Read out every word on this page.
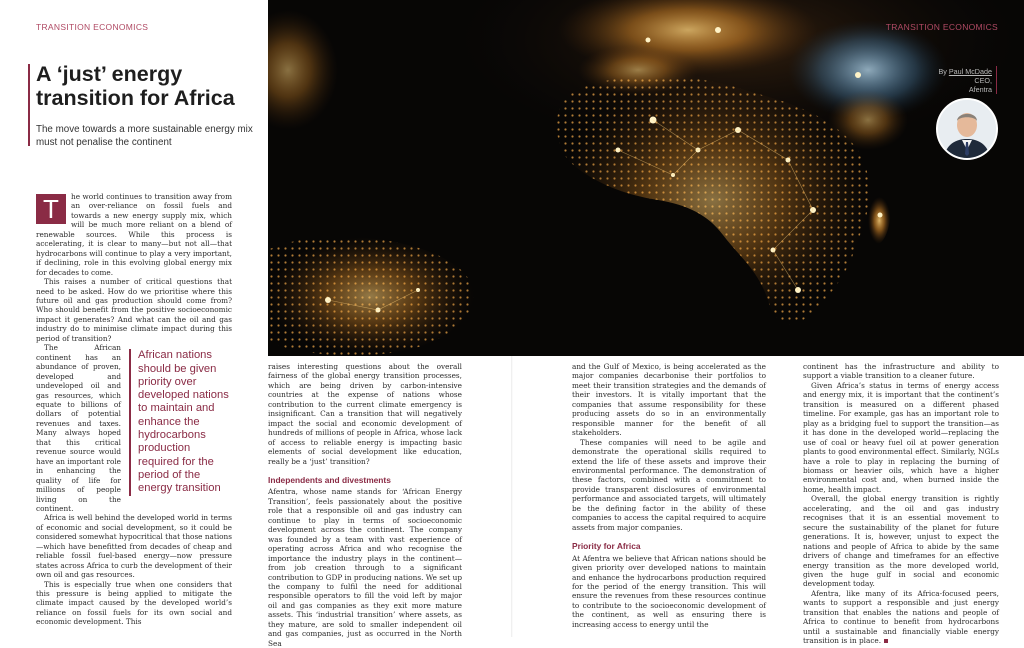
TRANSITION ECONOMICS
A ‘just’ energy transition for Africa

The move towards a more sustainable energy mix must not penalise the continent

TRANSITION ECONOMICS
By Paul McDade
CEO,
Afentra
T	he world continues to transition away from an over-reliance on fossil fuels and towards a new energy supply mix, which will be much more reliant on a blend of renewable sources. While this process is accelerating, it is clear to many—but not all—that hydrocarbons will continue to play a very important, if declining, role in this evolving global energy mix for decades to come.

This raises a number of critical questions that need to be asked. How do we prioritise where this future oil and gas production should come from? Who should benefit from the positive socioeconomic impact it generates? And what can the oil and gas industry do to minimise climate impact during this period of transition?

African nations should be given priority over developed nations to maintain and enhance the hydrocarbons production required for the period of the energy transition

The African continent has an abundance of proven, developed and undeveloped oil and gas resources, which equate to billions of dollars of potential revenues and taxes. Many always hoped that this critical revenue source would have an important role in enhancing the quality of life for millions of people living on the continent.

Africa is well behind the developed world in terms of economic and social development, so it could be considered somewhat hypocritical that those nations—which have benefitted from decades of cheap and reliable fossil fuel-based energy—now pressure states across Africa to curb the development of their own oil and gas resources.

This is especially true when one considers that this pressure is being applied to mitigate the climate impact caused by the developed world’s reliance on fossil fuels for its own social and economic development. This

raises interesting questions about the overall fairness of the global energy transition processes, which are being driven by carbon-intensive countries at the expense of nations whose contribution to the current climate emergency is insignificant. Can a transition that will negatively impact the social and economic development of hundreds of millions of people in Africa, whose lack of access to reliable energy is impacting basic elements of social development like education, really be a ‘just’ transition?

Independents and divestments

Afentra, whose name stands for ‘African Energy Transition’, feels passionately about the positive role that a responsible oil and gas industry can continue to play in terms of socioeconomic development across the continent. The company was founded by a team with vast experience of operating across Africa and who recognise the importance the industry plays in the continent—from job creation through to a significant contribution to GDP in producing nations. We set up the company to fulfil the need for additional responsible operators to fill the void left by major oil and gas companies as they exit more mature assets. This ‘industrial transition’ where assets, as they mature, are sold to smaller independent oil and gas companies, just as occurred in the North Sea

and the Gulf of Mexico, is being accelerated as the major companies decarbonise their portfolios to meet their transition strategies and the demands of their investors. It is vitally important that the companies that assume responsibility for these producing assets do so in an environmentally responsible manner for the benefit of all stakeholders.

These companies will need to be agile and demonstrate the operational skills required to extend the life of these assets and improve their environmental performance. The demonstration of these factors, combined with a commitment to provide transparent disclosures of environmental performance and associated targets, will ultimately be the defining factor in the ability of these companies to access the capital required to acquire assets from major companies.

Priority for Africa

At Afentra we believe that African nations should be given priority over developed nations to maintain and enhance the hydrocarbons production required for the period of the energy transition. This will ensure the revenues from these resources continue to contribute to the socioeconomic development of the continent, as well as ensuring there is increasing access to energy until the

continent has the infrastructure and ability to support a viable transition to a cleaner future.

Given Africa’s status in terms of energy access and energy mix, it is important that the continent’s transition is measured on a different phased timeline. For example, gas has an important role to play as a bridging fuel to support the transition—as it has done in the developed world—replacing the use of coal or heavy fuel oil at power generation plants to good environmental effect. Similarly, NGLs have a role to play in replacing the burning of biomass or heavier oils, which have a higher environmental cost and, when burned inside the home, health impact.

Overall, the global energy transition is rightly accelerating, and the oil and gas industry recognises that it is an essential movement to secure the sustainability of the planet for future generations. It is, however, unjust to expect the nations and people of Africa to abide by the same drivers of change and timeframes for an effective energy transition as the more developed world, given the huge gulf in social and economic development today.

Afentra, like many of its Africa-focused peers, wants to support a responsible and just energy transition that enables the nations and people of Africa to continue to benefit from hydrocarbons until a sustainable and financially viable energy transition is in place.
